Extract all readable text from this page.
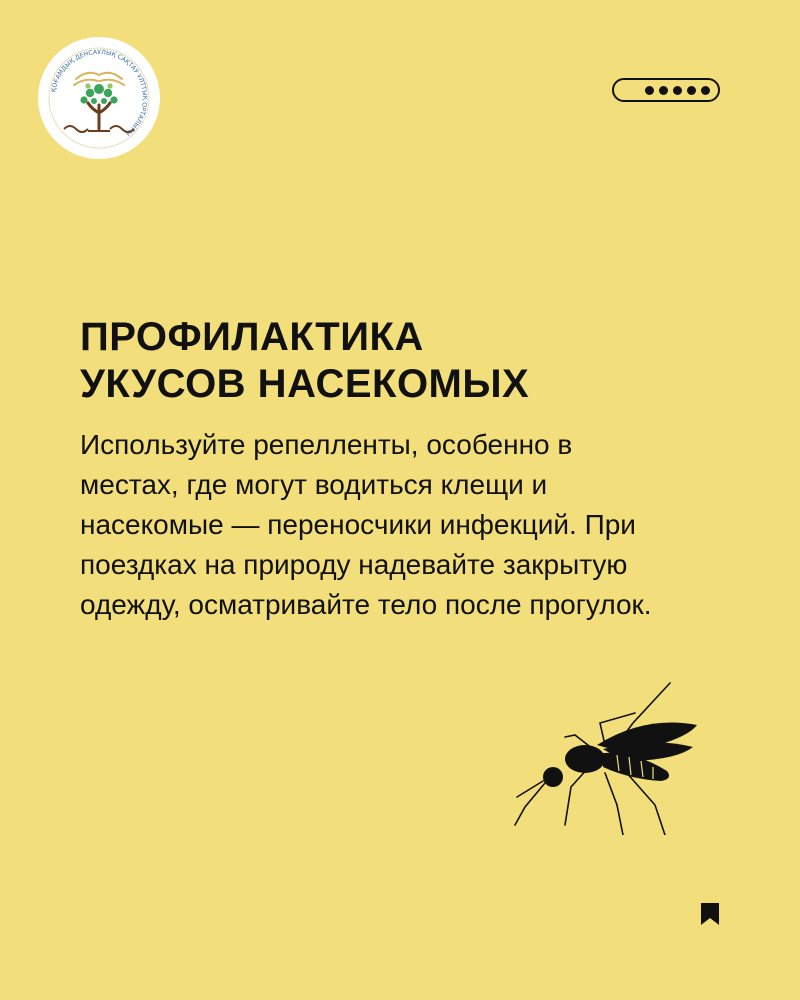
ҚОҒАМДЫҚ ДЕНСАУЛЫҚ САҚТАУ ҰЛТТЫҚ ОРТАЛЫҒЫ
ПРОФИЛАКТИКА
УКУСОВ НАСЕКОМЫХ
Используйте репелленты, особенно в
местах, где могут водиться клещи и
насекомые — переносчики инфекций. При
поездках на природу надевайте закрытую
одежду, осматривайте тело после прогулок.
